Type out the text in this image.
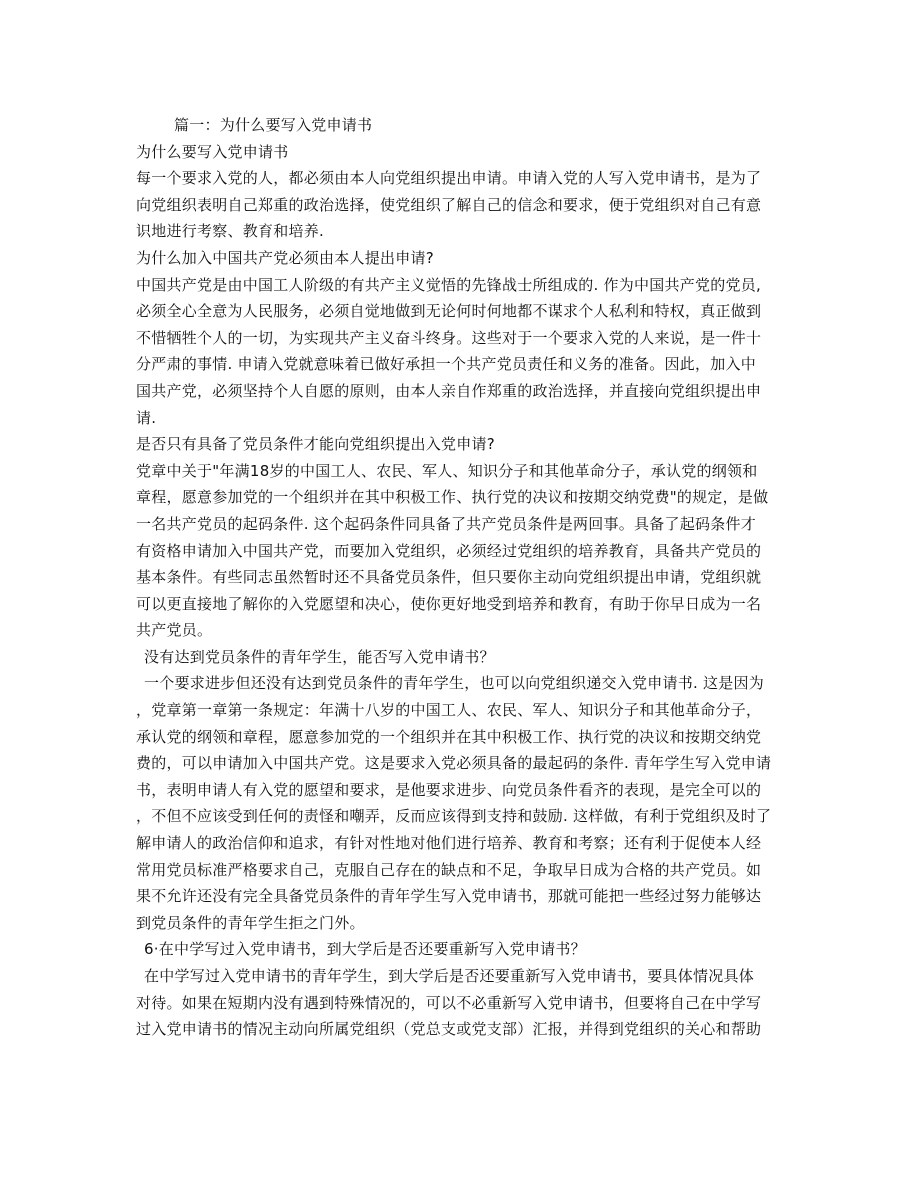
篇一：为什么要写入党申请书
为什么要写入党申请书
每一个要求入党的人，都必须由本人向党组织提出申请。申请入党的人写入党申请书，是为了
向党组织表明自己郑重的政治选择，使党组织了解自己的信念和要求，便于党组织对自己有意
识地进行考察、教育和培养.
为什么加入中国共产党必须由本人提出申请?
中国共产党是由中国工人阶级的有共产主义觉悟的先锋战士所组成的. 作为中国共产党的党员,
必须全心全意为人民服务，必须自觉地做到无论何时何地都不谋求个人私利和特权，真正做到
不惜牺牲个人的一切，为实现共产主义奋斗终身。这些对于一个要求入党的人来说，是一件十
分严肃的事情. 申请入党就意味着已做好承担一个共产党员责任和义务的准备。因此，加入中
国共产党，必须坚持个人自愿的原则，由本人亲自作郑重的政治选择，并直接向党组织提出申
请.
是否只有具备了党员条件才能向党组织提出入党申请?
党章中关于"年满18岁的中国工人、农民、军人、知识分子和其他革命分子，承认党的纲领和
章程，愿意参加党的一个组织并在其中积极工作、执行党的决议和按期交纳党费"的规定，是做
一名共产党员的起码条件. 这个起码条件同具备了共产党员条件是两回事。具备了起码条件才
有资格申请加入中国共产党，而要加入党组织，必须经过党组织的培养教育，具备共产党员的
基本条件。有些同志虽然暂时还不具备党员条件，但只要你主动向党组织提出申请，党组织就
可以更直接地了解你的入党愿望和决心，使你更好地受到培养和教育，有助于你早日成为一名
共产党员。
没有达到党员条件的青年学生，能否写入党申请书？
一个要求进步但还没有达到党员条件的青年学生，也可以向党组织递交入党申请书. 这是因为
，党章第一章第一条规定：年满十八岁的中国工人、农民、军人、知识分子和其他革命分子，
承认党的纲领和章程，愿意参加党的一个组织并在其中积极工作、执行党的决议和按期交纳党
费的，可以申请加入中国共产党。这是要求入党必须具备的最起码的条件. 青年学生写入党申请
书，表明申请人有入党的愿望和要求，是他要求进步、向党员条件看齐的表现，是完全可以的
，不但不应该受到任何的责怪和嘲弄，反而应该得到支持和鼓励. 这样做，有利于党组织及时了
解申请人的政治信仰和追求，有针对性地对他们进行培养、教育和考察；还有利于促使本人经
常用党员标准严格要求自己，克服自己存在的缺点和不足，争取早日成为合格的共产党员。如
果不允许还没有完全具备党员条件的青年学生写入党申请书，那就可能把一些经过努力能够达
到党员条件的青年学生拒之门外。
6·在中学写过入党申请书，到大学后是否还要重新写入党申请书？
在中学写过入党申请书的青年学生，到大学后是否还要重新写入党申请书，要具体情况具体
对待。如果在短期内没有遇到特殊情况的，可以不必重新写入党申请书，但要将自己在中学写
过入党申请书的情况主动向所属党组织（党总支或党支部）汇报，并得到党组织的关心和帮助
